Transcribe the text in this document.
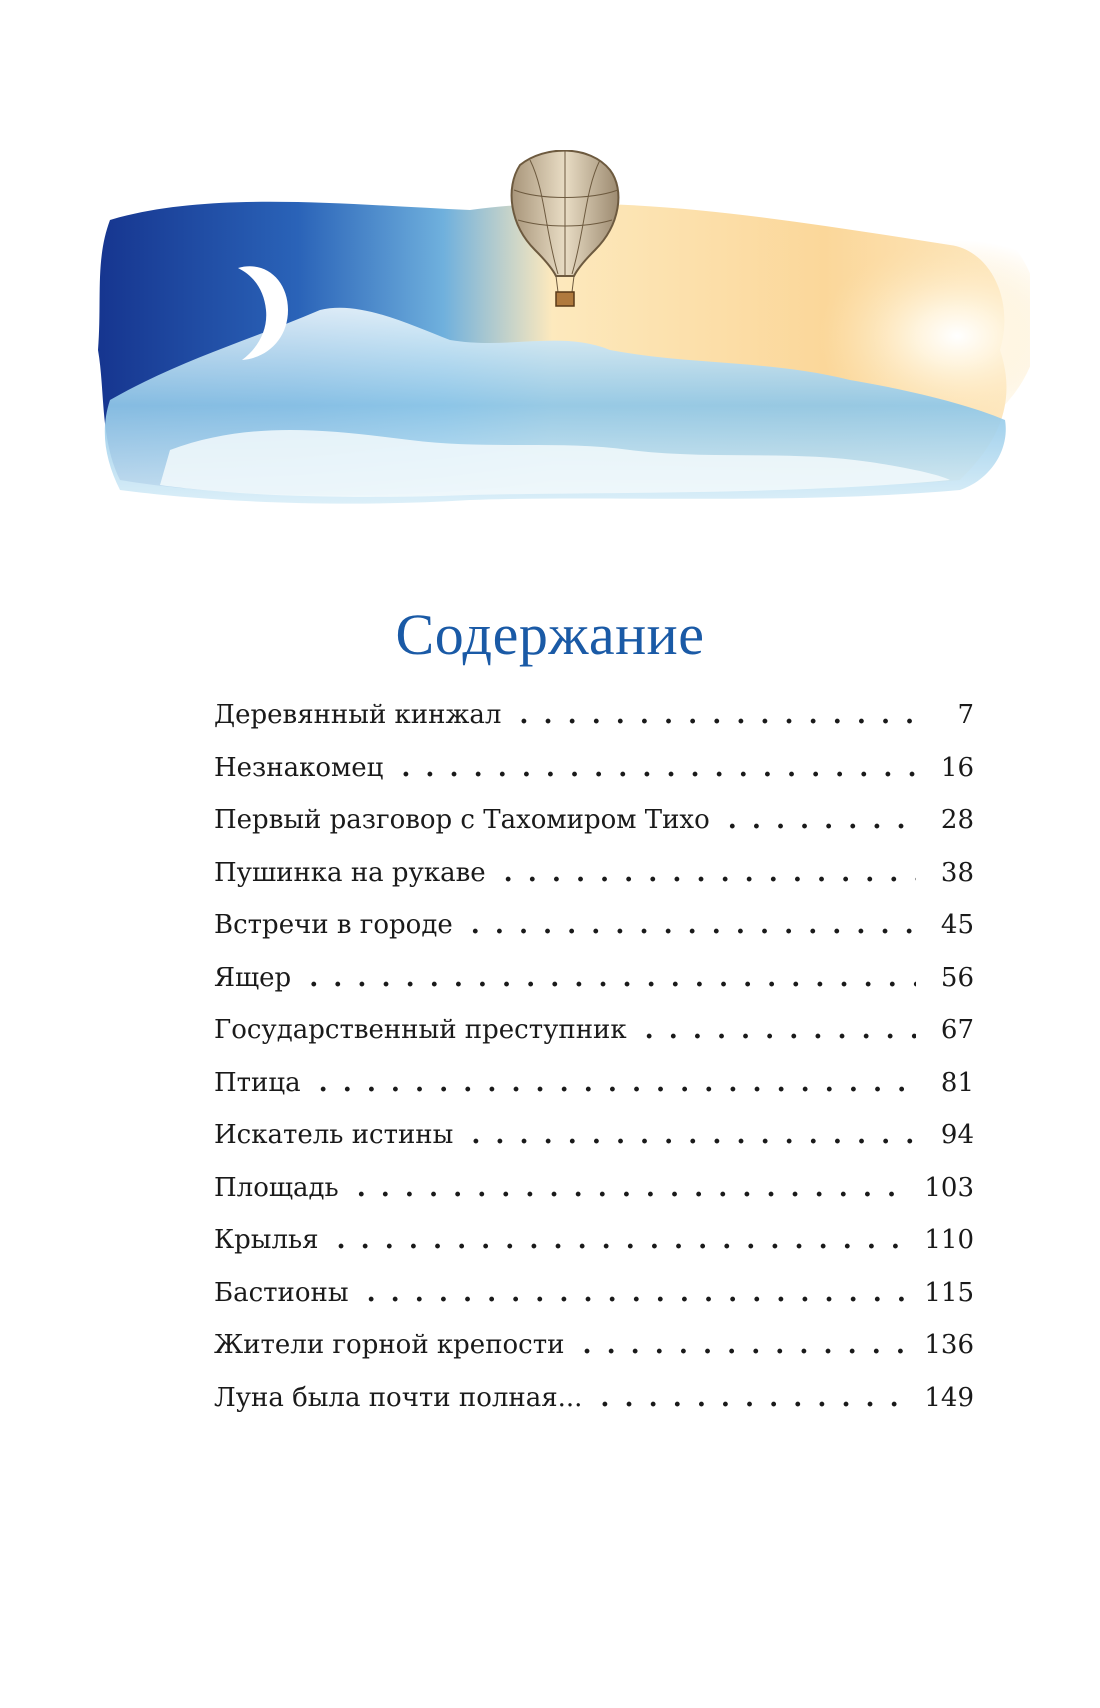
Содержание
Деревянный кинжал . . .	7
Незнакомец . . .	16
Первый разговор с Тахомиром Тихо . . .	28
Пушинка на рукаве . . .	38
Встречи в городе . . .	45
Ящер . . .	56
Государственный преступник . . .	67
Птица . . .	81
Искатель истины . . .	94
Площадь . . .	103
Крылья . . .	110
Бастионы . . .	115
Жители горной крепости . . .	136
Луна была почти полная... . . .	149
